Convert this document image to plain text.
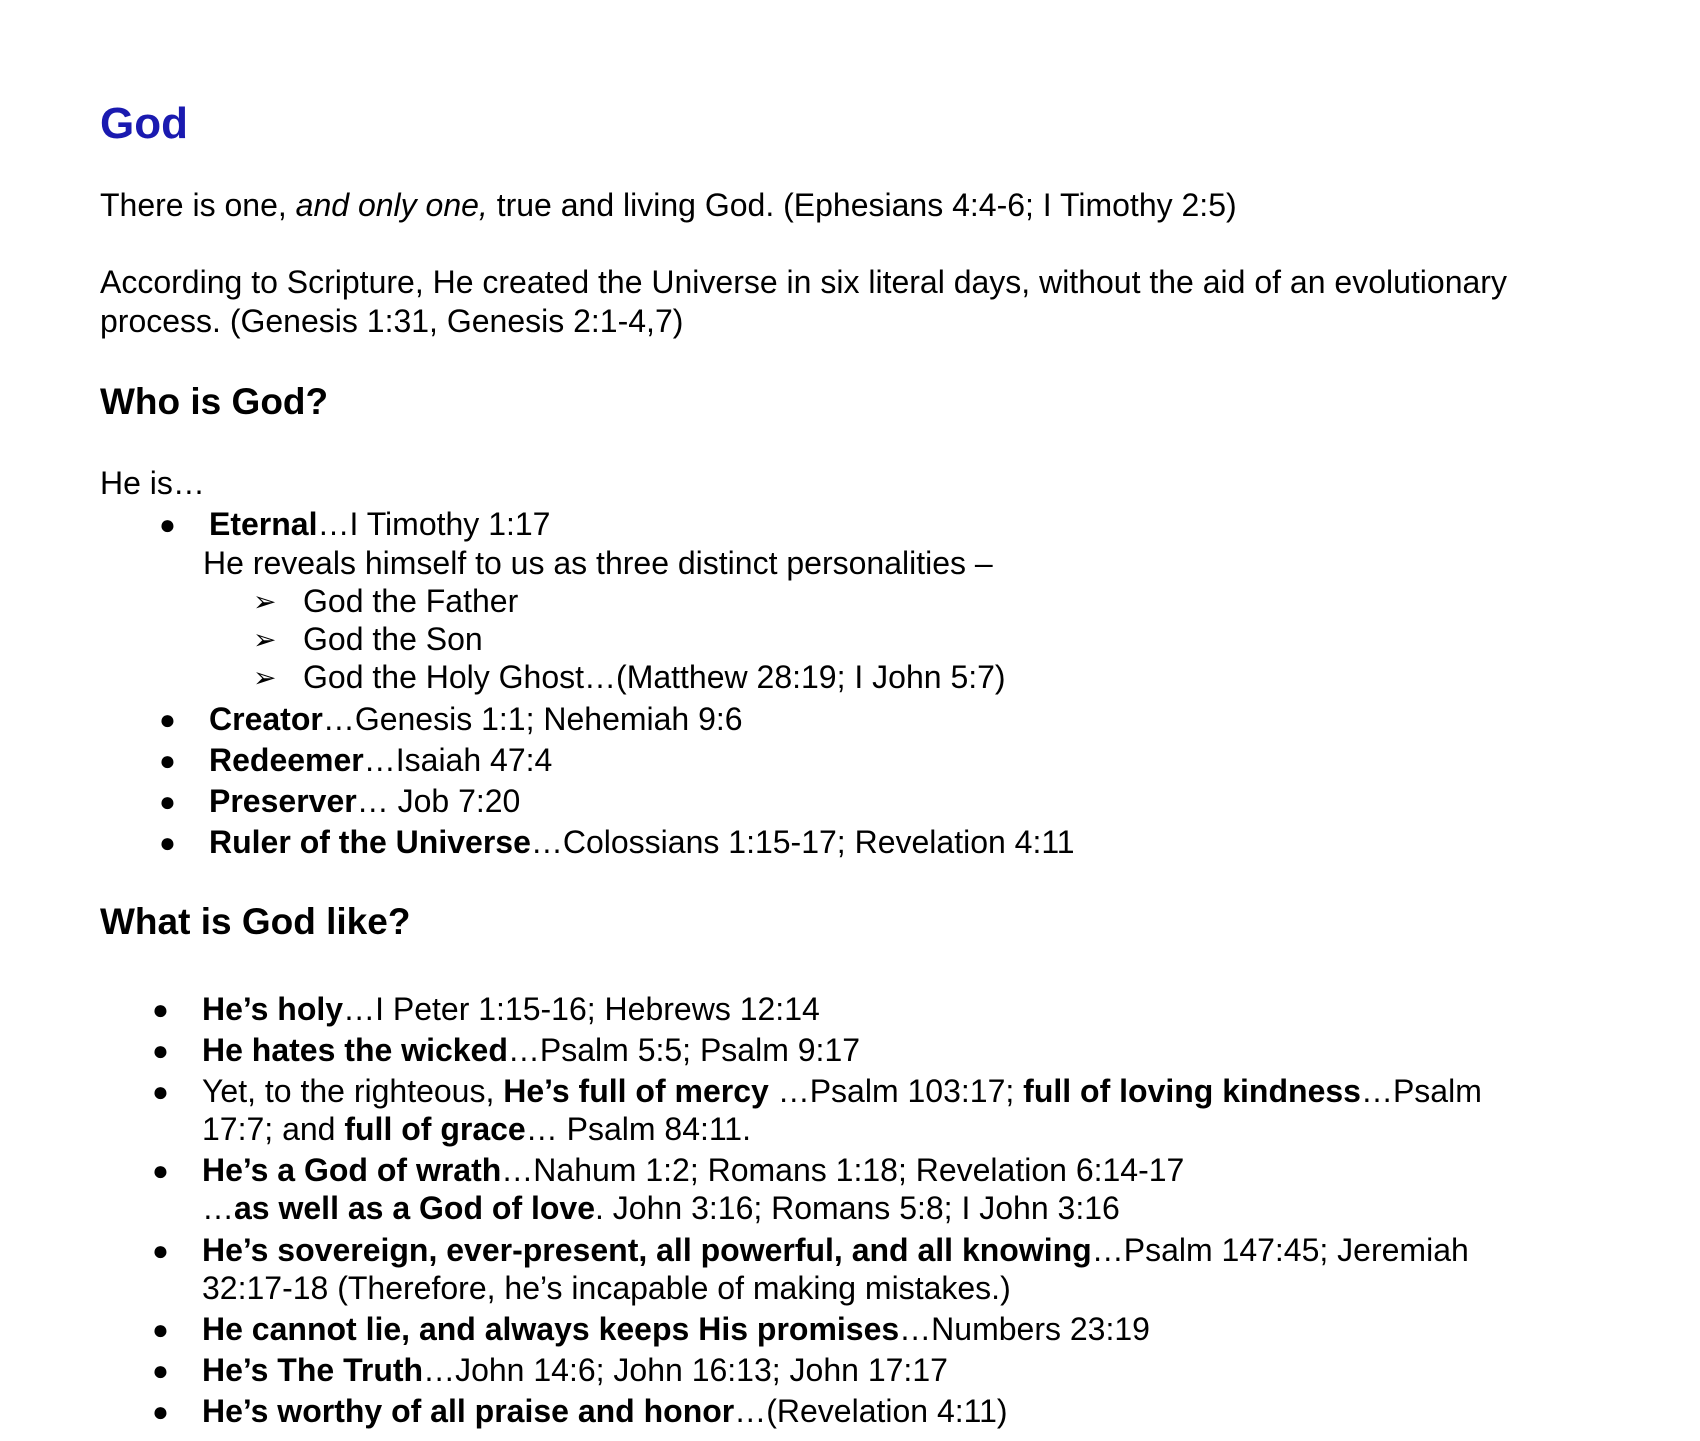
God

There is one, and only one, true and living God. (Ephesians 4:4-6; I Timothy 2:5)

According to Scripture, He created the Universe in six literal days, without the aid of an evolutionary
process. (Genesis 1:31, Genesis 2:1-4,7)

Who is God?

He is…

● Eternal…I Timothy 1:17
He reveals himself to us as three distinct personalities –
➢ God the Father
➢ God the Son
➢ God the Holy Ghost…(Matthew 28:19; I John 5:7)
● Creator…Genesis 1:1; Nehemiah 9:6
● Redeemer…Isaiah 47:4
● Preserver… Job 7:20
● Ruler of the Universe…Colossians 1:15-17; Revelation 4:11
What is God like?
● He’s holy…I Peter 1:15-16; Hebrews 12:14
● He hates the wicked…Psalm 5:5; Psalm 9:17
● Yet, to the righteous, He’s full of mercy …Psalm 103:17; full of loving kindness…Psalm
17:7; and full of grace… Psalm 84:11.
● He’s a God of wrath…Nahum 1:2; Romans 1:18; Revelation 6:14-17
…as well as a God of love. John 3:16; Romans 5:8; I John 3:16
● He’s sovereign, ever-present, all powerful, and all knowing…Psalm 147:45; Jeremiah
32:17-18 (Therefore, he’s incapable of making mistakes.)
● He cannot lie, and always keeps His promises…Numbers 23:19
● He’s The Truth…John 14:6; John 16:13; John 17:17
● He’s worthy of all praise and honor…(Revelation 4:11)
